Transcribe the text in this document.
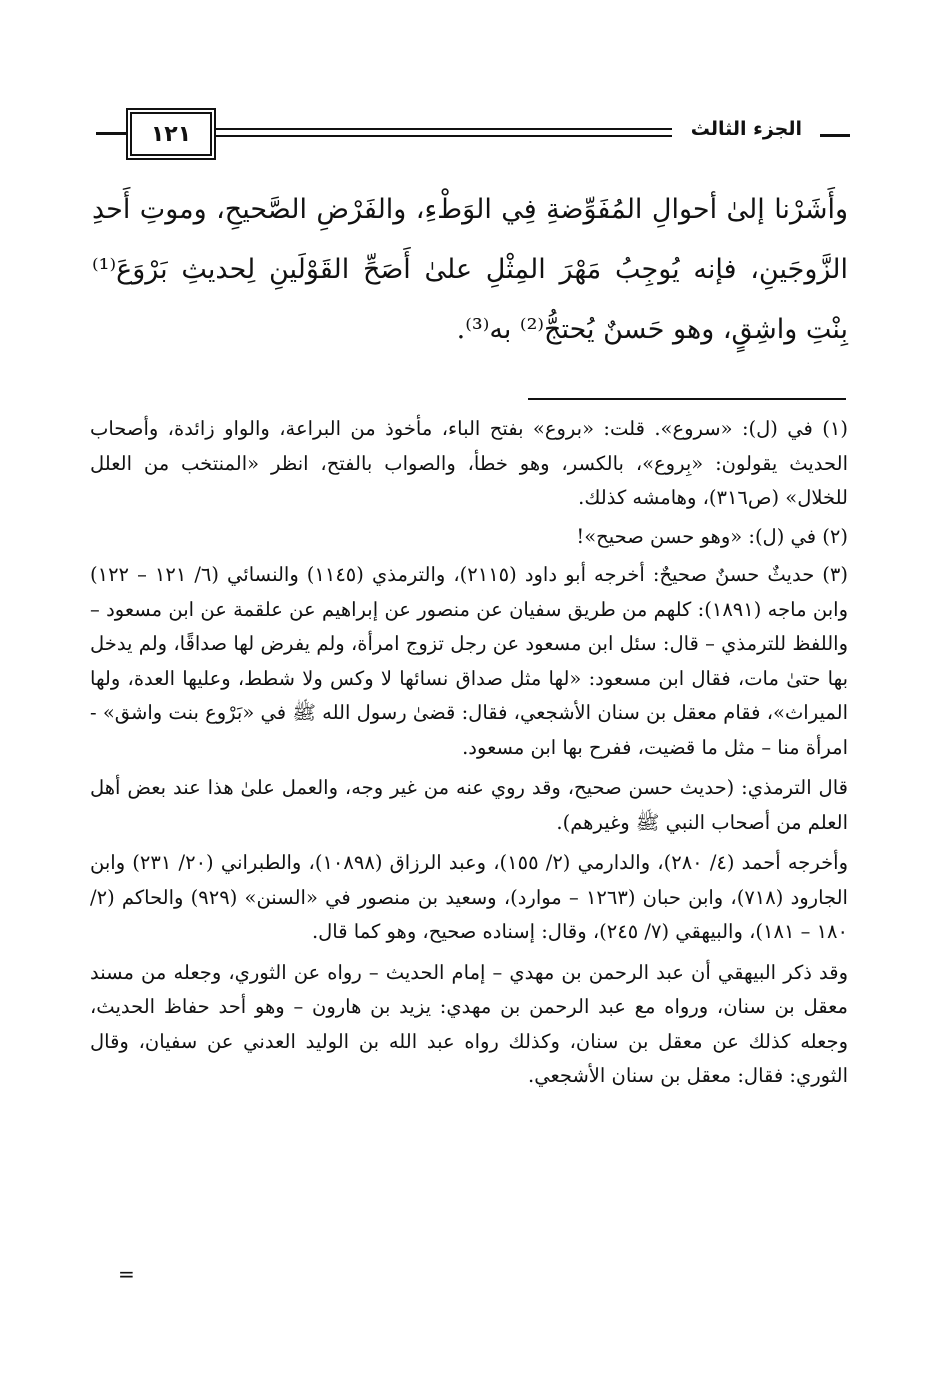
الجزء الثالث
١٢١

وأَشَرْنا إلىٰ أحوالِ المُفَوِّضةِ فِي الوَطْءِ، والفَرْضِ الصَّحيحِ، وموتِ أَحدِ الزَّوجَينِ، فإنه يُوجِبُ مَهْرَ المِثْلِ علىٰ أَصَحِّ القَوْلَينِ لِحديثِ بَرْوَعَ⁽¹⁾ بِنْتِ واشِقٍ، وهو حَسنٌ يُحتجُّ⁽²⁾ به⁽³⁾.

(١) في (ل): «سروع». قلت: «بروع» بفتح الباء، مأخوذ من البراعة، والواو زائدة، وأصحاب الحديث يقولون: «بِروع»، بالكسر، وهو خطأ، والصواب بالفتح، انظر «المنتخب من العلل للخلال» (ص٣١٦)، وهامشه كذلك.

(٢) في (ل): «وهو حسن صحيح»!

(٣) حديثٌ حسنٌ صحيحٌ: أخرجه أبو داود (٢١١٥)، والترمذي (١١٤٥) والنسائي (٦/ ١٢١ – ١٢٢) وابن ماجه (١٨٩١): كلهم من طريق سفيان عن منصور عن إبراهيم عن علقمة عن ابن مسعود – واللفظ للترمذي – قال: سئل ابن مسعود عن رجل تزوج امرأة، ولم يفرض لها صداقًا، ولم يدخل بها حتىٰ مات، فقال ابن مسعود: «لها مثل صداق نسائها لا وكس ولا شطط، وعليها العدة، ولها الميراث»، فقام معقل بن سنان الأشجعي، فقال: قضىٰ رسول الله ﷺ في «بَرْوع بنت واشق» - امرأة منا – مثل ما قضيت، ففرح بها ابن مسعود.

قال الترمذي: (حديث حسن صحيح، وقد روي عنه من غير وجه، والعمل علىٰ هذا عند بعض أهل العلم من أصحاب النبي ﷺ وغيرهم).

وأخرجه أحمد (٤/ ٢٨٠)، والدارمي (٢/ ١٥٥)، وعبد الرزاق (١٠٨٩٨)، والطبراني (٢٠/ ٢٣١) وابن الجارود (٧١٨)، وابن حبان (١٢٦٣ – موارد)، وسعيد بن منصور في «السنن» (٩٢٩) والحاكم (٢/ ١٨٠ – ١٨١)، والبيهقي (٧/ ٢٤٥)، وقال: إسناده صحيح، وهو كما قال.

وقد ذكر البيهقي أن عبد الرحمن بن مهدي – إمام الحديث – رواه عن الثوري، وجعله من مسند معقل بن سنان، ورواه مع عبد الرحمن بن مهدي: يزيد بن هارون – وهو أحد حفاظ الحديث، وجعله كذلك عن معقل بن سنان، وكذلك رواه عبد الله بن الوليد العدني عن سفيان، وقال الثوري: فقال: معقل بن سنان الأشجعي.

=
